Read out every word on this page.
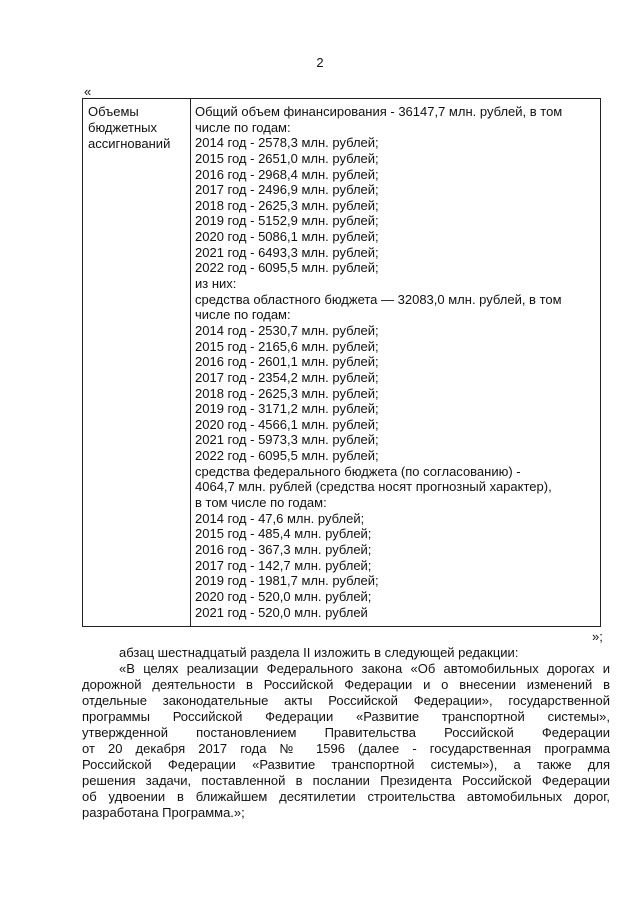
2
«
Объемы
бюджетных
ассигнований
Общий объем финансирования - 36147,7 млн. рублей, в том
числе по годам:
2014 год - 2578,3 млн. рублей;
2015 год - 2651,0 млн. рублей;
2016 год - 2968,4 млн. рублей;
2017 год - 2496,9 млн. рублей;
2018 год - 2625,3 млн. рублей;
2019 год - 5152,9 млн. рублей;
2020 год - 5086,1 млн. рублей;
2021 год - 6493,3 млн. рублей;
2022 год - 6095,5 млн. рублей;
из них:
средства областного бюджета — 32083,0 млн. рублей, в том
числе по годам:
2014 год - 2530,7 млн. рублей;
2015 год - 2165,6 млн. рублей;
2016 год - 2601,1 млн. рублей;
2017 год - 2354,2 млн. рублей;
2018 год - 2625,3 млн. рублей;
2019 год - 3171,2 млн. рублей;
2020 год - 4566,1 млн. рублей;
2021 год - 5973,3 млн. рублей;
2022 год - 6095,5 млн. рублей;
средства федерального бюджета (по согласованию) -
4064,7 млн. рублей (средства носят прогнозный характер),
в том числе по годам:
2014 год - 47,6 млн. рублей;
2015 год - 485,4 млн. рублей;
2016 год - 367,3 млн. рублей;
2017 год - 142,7 млн. рублей;
2019 год - 1981,7 млн. рублей;
2020 год - 520,0 млн. рублей;
2021 год - 520,0 млн. рублей
»;
абзац шестнадцатый раздела II изложить в следующей редакции:
«В целях реализации Федерального закона «Об автомобильных дорогах и
дорожной деятельности в Российской Федерации и о внесении изменений в
отдельные законодательные акты Российской Федерации», государственной
программы Российской Федерации «Развитие транспортной системы»,
утвержденной постановлением Правительства Российской Федерации
от 20 декабря 2017 года № 1596 (далее - государственная программа
Российской Федерации «Развитие транспортной системы»), а также для
решения задачи, поставленной в послании Президента Российской Федерации
об удвоении в ближайшем десятилетии строительства автомобильных дорог,
разработана Программа.»;
